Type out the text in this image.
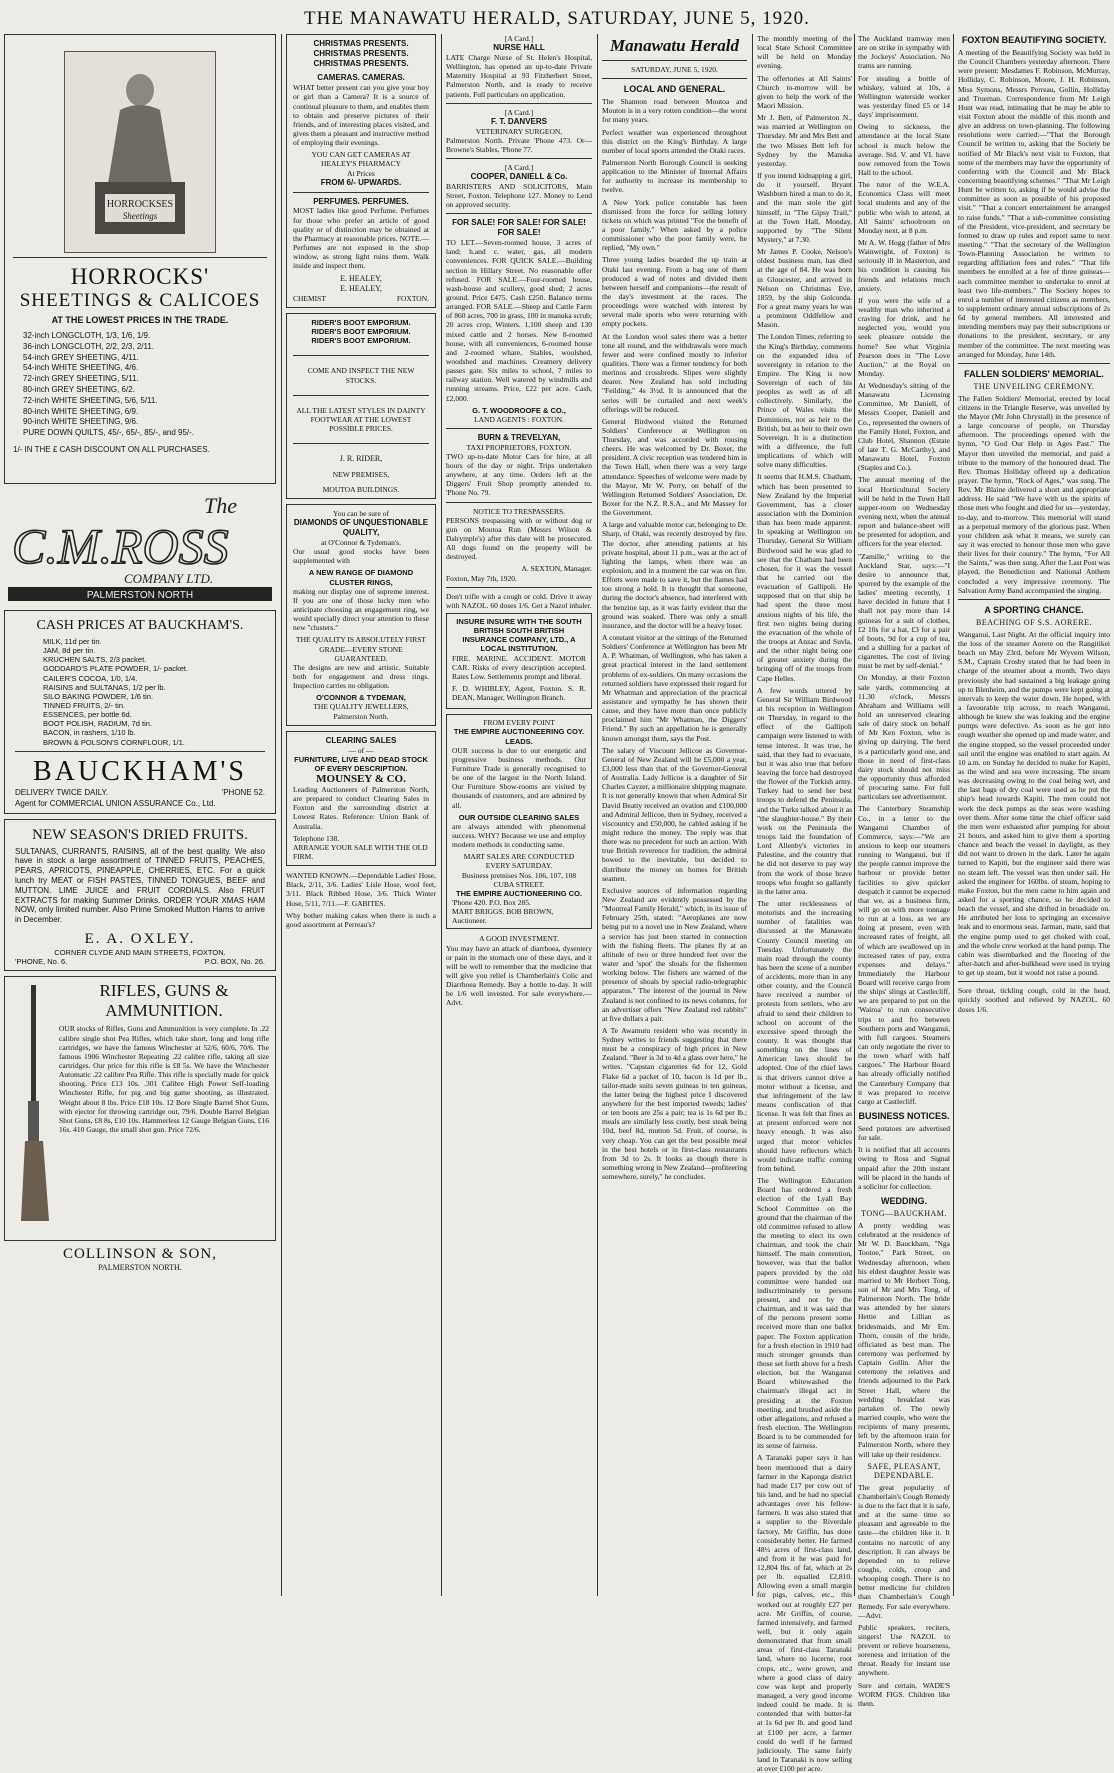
THE MANAWATU HERALD, SATURDAY, JUNE 5, 1920.
HORROCKSES
Sheetings
HORROCKS'
SHEETINGS & CALICOES
AT THE LOWEST PRICES IN THE TRADE.
32-inch LONGCLOTH, 1/3, 1/6, 1/9.
36-inch LONGCLOTH, 2/2, 2/3, 2/11.
54-inch GREY SHEETING, 4/11.
54-inch WHITE SHEETING, 4/6.
72-inch GREY SHEETING, 5/11.
80-inch GREY SHEETING, 6/2.
72-inch WHITE SHEETING, 5/6, 5/11.
80-inch WHITE SHEETING, 6/9.
90-inch WHITE SHEETING, 9/6.
PURE DOWN QUILTS, 45/-, 65/-, 85/-, and 95/-.
1/- IN THE £ CASH DISCOUNT ON ALL PURCHASES.
The
C.M.ROSS
COMPANY LTD.
PALMERSTON NORTH
CASH PRICES AT BAUCKHAM'S.
MILK, 11d per tin.
JAM, 8d per tin.
KRUCHEN SALTS, 2/3 packet.
GODDARD'S PLATE POWDER, 1/- packet.
CAILER'S COCOA, 1/0, 1/4.
RAISINS and SULTANAS, 1/2 per lb.
SILO BAKING POWDER, 1/6 tin.
TINNED FRUITS, 2/- tin.
ESSENCES, per bottle 6d.
BOOT POLISH, RADIUM, 7d tin.
BACON, in rashers, 1/10 lb.
BROWN & POLSON'S CORNFLOUR, 1/1.
BAUCKHAM'S
DELIVERY TWICE DAILY.	'PHONE 52.
Agent for COMMERCIAL UNION ASSURANCE Co., Ltd.
NEW SEASON'S DRIED FRUITS.

SULTANAS, CURRANTS, RAISINS, all of the best quality. We also have in stock a large assortment of TINNED FRUITS, PEACHES, PEARS, APRICOTS, PINEAPPLE, CHERRIES, ETC. For a quick lunch try MEAT or FISH PASTES, TINNED TONGUES, BEEF and MUTTON. LIME JUICE and FRUIT CORDIALS. Also FRUIT EXTRACTS for making Summer Drinks. ORDER YOUR XMAS HAM NOW, only limited number. Also Prime Smoked Mutton Hams to arrive in December.

E. A. OXLEY.
CORNER CLYDE AND MAIN STREETS, FOXTON.
'PHONE, No. 6.	P.O. BOX, No. 26.
RIFLES, GUNS & AMMUNITION.

OUR stocks of Rifles, Guns and Ammunition is very complete. In .22 calibre single shot Pea Rifles, which take short, long and long rifle cartridges, we have the famous Winchester at 52/6, 60/6, 70/6. The famous 1906 Winchester Repeating .22 calibre rifle, taking all size cartridges. Our price for this rifle is £8 5s. We have the Winchester Automatic .22 calibre Pea Rifle. This rifle is specially made for quick shooting. Price £13 10s. .301 Calibre High Power Self-loading Winchester Rifle, for pig and big game shooting, as illustrated. Weight about 8 lbs. Price £18 10s. 12 Bore Single Barrel Shot Guns, with ejector for throwing cartridge out, 79/6. Double Barrel Belgian Shot Guns, £8 8s, £10 10s. Hammerless 12 Gauge Belgian Guns, £16 16s. 410 Gauge, the small shot gun. Price 72/6.

COLLINSON & SON,
PALMERSTON NORTH.
CHRISTMAS PRESENTS.
CHRISTMAS PRESENTS.
CHRISTMAS PRESENTS.
CAMERAS. CAMERAS.

WHAT better present can you give your boy or girl than a Camera? It is a source of continual pleasure to them, and enables them to obtain and preserve pictures of their friends, and of interesting places visited, and gives them a pleasant and instructive method of employing their evenings.

YOU CAN GET CAMERAS AT HEALEY'S PHARMACY
At Prices
FROM 6/- UPWARDS.
PERFUMES. PERFUMES.

MOST ladies like good Perfume. Perfumes for those who prefer an article of good quality or of distinction may be obtained at the Pharmacy at reasonable prices. NOTE.—Perfumes are not exposed in the shop window, as strong light ruins them. Walk inside and inspect them.

E. HEALEY,
E. HEALEY,
CHEMIST	FOXTON.
RIDER'S BOOT EMPORIUM.
RIDER'S BOOT EMPORIUM.
RIDER'S BOOT EMPORIUM.
COME AND INSPECT THE NEW STOCKS.
ALL THE LATEST STYLES IN DAINTY FOOTWEAR AT THE LOWEST POSSIBLE PRICES.
J. R. RIDER,
NEW PREMISES,
MOUTOA BUILDINGS.
You can be sure of
DIAMONDS OF UNQUESTIONABLE QUALITY,
at O'Connor & Tydeman's.

Our usual good stocks have been supplemented with

A NEW RANGE OF DIAMOND CLUSTER RINGS,

making our display one of supreme interest. If you are one of those lucky men who anticipate choosing an engagement ring, we would specially direct your attention to these new "clusters."

THE QUALITY IS ABSOLUTELY FIRST GRADE—EVERY STONE GUARANTEED.

The designs are new and artistic. Suitable both for engagement and dress rings. Inspection carries no obligation.

O'CONNOR & TYDEMAN,
THE QUALITY JEWELLERS,
Palmerston North.
CLEARING SALES
— of —
FURNITURE, LIVE AND DEAD STOCK OF EVERY DESCRIPTION.
MOUNSEY & CO.

Leading Auctioneers of Palmerston North, are prepared to conduct Clearing Sales in Foxton and the surrounding district at Lowest Rates. Reference: Union Bank of Australia.

Telephone 138.
ARRANGE YOUR SALE WITH THE OLD FIRM.

WANTED KNOWN.—Dependable Ladies' Hose, Black, 2/11, 3/6. Ladies' Lisle Hose, wool feet, 3/11. Black Ribbed Hose, 3/6. Thick Winter Hose, 5/11, 7/11.—F. GABITES.

Why bother making cakes when there is such a good assortment at Perreau's?

[A Card.]
NURSE HALL

LATE Charge Nurse of St. Helen's Hospital, Wellington, has opened an up-to-date Private Maternity Hospital at 93 Fitzherbert Street, Palmerston North, and is ready to receive patients. Full particulars on application.

[A Card.]
F. T. DANVERS
VETERINARY SURGEON,

Palmerston North. Private 'Phone 473. Or—Browne's Stables, 'Phone 77.

[A Card.]
COOPER, DANIELL & Co.

BARRISTERS AND SOLICITORS, Main Street, Foxton. Telephone 127. Money to Lend on approved security.

FOR SALE! FOR SALE! FOR SALE! FOR SALE!

TO LET.—Seven-roomed house, 3 acres of land; h.and c. water, gas, all modern conveniences. FOR QUICK SALE.—Building section in Hillary Street. No reasonable offer refused. FOR SALE.—Four-roomed house, wash-house and scullery, good shed; 2 acres ground. Price £475. Cash £250. Balance terms arranged. FOR SALE.—Sheep and Cattle Farm of 860 acres, 700 in grass, 100 in manuka scrub; 20 acres crop, Winters. 1,100 sheep and 130 mixed cattle and 2 horses. New 8-roomed house, with all conveniences, 6-roomed house and 2-roomed whare, Stables, woolshed, woodshed and machines. Creamery delivery passes gate. Six miles to school, 7 miles to railway station. Well watered by windmills and running streams. Price, £22 per acre. Cash, £2,000.

G. T. WOODROOFE & CO.,
LAND AGENTS : FOXTON.
BURN & TREVELYAN,
TAXI PROPRIETORS, FOXTON.

TWO up-to-date Motor Cars for hire, at all hours of the day or night. Trips undertaken anywhere, at any time. Orders left at the Diggers' Fruit Shop promptly attended to. 'Phone No. 79.

NOTICE TO TRESPASSERS.

PERSONS trespassing with or without dog or gun on Moutoa Run (Messrs Wilson & Dalrymple's) after this date will be prosecuted. All dogs found on the property will be destroyed.

A. SEXTON, Manager.
Foxton, May 7th, 1920.

Don't trifle with a cough or cold. Drive it away with NAZOL. 60 doses 1/6. Get a Nazol inhaler.

INSURE INSURE WITH THE SOUTH BRITISH SOUTH BRITISH INSURANCE COMPANY, LTD., A LOCAL INSTITUTION.

FIRE. MARINE. ACCIDENT. MOTOR CAR. Risks of every description accepted. Rates Low. Settlements prompt and liberal.

F. D. WHIBLEY, Agent, Foxton. S. R. DEAN, Manager, Wellington Branch.

FROM EVERY POINT
THE EMPIRE AUCTIONEERING COY. LEADS.

OUR success is due to our energetic and progressive business methods. Our Furniture Trade is generally recognised to be one of the largest in the North Island. Our Furniture Show-rooms are visited by thousands of customers, and are admired by all.

OUR OUTSIDE CLEARING SALES

are always attended with phenomenal success. WHY? Because we use and employ modern methods in conducting same.

MART SALES ARE CONDUCTED EVERY SATURDAY.
Business premises Nos. 106, 107, 108 CUBA STREET.
THE EMPIRE AUCTIONEERING CO.
'Phone 420. P.O. Box 285.
MART BRIGGS. BOB BROWN, Auctioneer.
A GOOD INVESTMENT.

You may have an attack of diarrhoea, dysentery or pain in the stomach one of these days, and it will be well to remember that the medicine that will give you relief is Chamberlain's Colic and Diarrhoea Remedy. Buy a bottle to-day. It will be 1/6 well invested. For sale everywhere.—Advt.

Manawatu Herald
SATURDAY, JUNE 5, 1920.
LOCAL AND GENERAL.

The Shannon road between Moutoa and Mouton is in a very rotten condition—the worst for many years.

Perfect weather was experienced throughout this district on the King's Birthday. A large number of local sports attended the Otaki races.

Palmerston North Borough Council is seeking application to the Minister of Internal Affairs for authority to increase its membership to twelve.

A New York police constable has been dismissed from the force for selling lottery tickets on which was printed "For the benefit of a poor family." When asked by a police commissioner who the poor family were, he replied, "My own."

Three young ladies boarded the up train at Otaki last evening. From a bag one of them produced a wad of notes and divided them between herself and companions—the result of the day's investment at the races. The proceedings were watched with interest by several male sports who were returning with empty pockets.

At the London wool sales there was a better tone all round, and the withdrawals were much fewer and were confined mostly to inferior qualities. There was a firmer tendency for both merinos and crossbreds. Slipes were slightly dearer. New Zealand has sold including "Feilding," 4s 3½d. It is announced that the series will be curtailed and next week's offerings will be reduced.

General Birdwood visited the Returned Soldiers' Conference at Wellington on Thursday, and was accorded with rousing cheers. He was welcomed by Dr. Boxer, the president. A civic reception was tendered him in the Town Hall, when there was a very large attendance. Speeches of welcome were made by the Mayor, Mr W. Perry, on behalf of the Wellington Returned Soldiers' Association, Dr. Boxer for the N.Z. R.S.A., and Mr Massey for the Government.

A large and valuable motor car, belonging to Dr. Sharp, of Otaki, was recently destroyed by fire. The doctor, after attending patients at his private hospital, about 11 p.m., was at the act of lighting the lamps, when there was an explosion, and in a moment the car was on fire. Efforts were made to save it, but the flames had too strong a hold. It is thought that someone, during the doctor's absence, had interfered with the benzine tap, as it was fairly evident that the ground was soaked. There was only a small insurance, and the doctor will be a heavy loser.

A constant visitor at the sittings of the Returned Soldiers' Conference at Wellington has been Mr A. P. Whatman, of Wellington, who has taken a great practical interest in the land settlement problems of ex-soldiers. On many occasions the returned soldiers have expressed their regard for Mr Whatman and appreciation of the practical assistance and sympathy he has shown their cause, and they have more than once publicly proclaimed him "Mr Whatman, the Diggers' Friend." By such an appellation he is generally known amongst them, says the Post.

The salary of Viscount Jellicoe as Governor-General of New Zealand will be £5,000 a year, £3,000 less than that of the Governor-General of Australia. Lady Jellicoe is a daughter of Sir Charles Cayzer, a millionaire shipping magnate. It is not generally known that when Admiral Sir David Beatty received an ovation and £100,000 and Admiral Jellicoe, then in Sydney, received a viscountcy and £50,000, he cabled asking if he might reduce the money. The reply was that there was no precedent for such an action. With true British reverence for tradition, the admiral bowed to the inevitable, but decided to distribute the money on homes for British seamen.

Exclusive sources of information regarding New Zealand are evidently possessed by the "Montreal Family Herald," which, in its issue of February 25th, stated: "Aeroplanes are now being put to a novel use in New Zealand, where a service has just been started in connection with the fishing fleets. The planes fly at an altitude of two or three hundred feet over the water and 'spot' the shoals for the fishermen working below. The fishers are warned of the presence of shoals by special radio-telegraphic apparatus." The interest of the journal in New Zealand is not confined to its news columns, for an advertiser offers "New Zealand red rabbits" at five dollars a pair.

A Te Awamutu resident who was recently in Sydney writes to friends suggesting that there must be a conspiracy of high prices in New Zealand. "Beer is 3d to 4d a glass over here," he writes. "Capstan cigarettes 6d for 12, Gold Flake 6d a packet of 10, bacon is 1d per lb., tailor-made suits seven guineas to ten guineas, the latter being the highest price I discovered anywhere for the best imported tweeds; ladies' or ten boots are 25s a pair; tea is 1s 6d per lb.; meals are similarly less costly, best steak being 10d, beef 8d, mutton 5d. Fruit, of course, is very cheap. You can get the best possible meal in the best hotels or in first-class restaurants from 3d to 2s. It looks as though there is something wrong in New Zealand—profiteering somewhere, surely," he concludes.

The monthly meeting of the local State School Committee will be held on Monday evening.

The offertories at All Saints' Church to-morrow will be given to help the work of the Maori Mission.

Mr J. Bett, of Palmerston N., was married at Wellington on Thursday. Mr and Mrs Bett and the two Misses Bett left for Sydney by the Manuka yesterday.

If you intend kidnapping a girl, do it yourself. Bryant Washburn hired a man to do it, and the man stole the girl himself, in "The Gipsy Trail," at the Town Hall, Monday, supported by "The Silent Mystery," at 7.30.

Mr James P. Cooke, Nelson's oldest business man, has died at the age of 84. He was born in Gloucester, and arrived in Nelson on Christmas Eve, 1859, by the ship Golconda. For a great many years he was a prominent Oddfellow and Mason.

The London Times, referring to the King's Birthday, comments on the expanded idea of sovereignty in relation to the Empire. The King is now Sovereign of each of his peoples as well as of all collectively. Similarly, the Prince of Wales visits the Dominions, not as heir to the British, but as heir to their own Sovereign. It is a distinction with a difference, the full implications of which will solve many difficulties.

It seems that H.M.S. Chatham, which has been presented to New Zealand by the Imperial Government, has a closer association with the Dominion than has been made apparent. In speaking at Wellington on Thursday, General Sir William Birdwood said he was glad to see that the Chatham had been chosen, for it was the vessel that he carried out the evacuation of Gallipoli. He supposed that on that ship he had spent the three most anxious nights of his life, the first two nights being during the evacuation of the whole of the troops at Anzac and Suvla, and the other night being one of greater anxiety during the bringing off of the troops from Cape Helles.

A few words uttered by General Sir William Birdwood at his reception in Wellington on Thursday, in regard to the effect of the Gallipoli campaign were listened to with tense interest. It was true, he said, that they had to evacuate, but it was also true that before leaving the force had destroyed the flower of the Turkish army. Turkey had to send her best troops to defend the Peninsula, and the Turks talked about it as "the slaughter-house." By their work on the Peninsula the troops laid the foundation of Lord Allenby's victories in Palestine, and the country that he did not deserve to pay way from the work of those brave troops who fought so gallantly in the latter area.

The utter recklessness of motorists and the increasing number of fatalities was discussed at the Manawatu County Council meeting on Tuesday. Unfortunately the main road through the county has been the scene of a number of accidents, more than in any other county, and the Council have received a number of protests from settlers, who are afraid to send their children to school on account of the excessive speed through the county. It was thought that something on the lines of American laws should be adopted. One of the chief laws is that drivers cannot drive a motor without a license, and that infringement of the law means confiscation of that license. It was felt that fines as at present enforced were not heavy enough. It was also urged that motor vehicles should have reflectors which would indicate traffic coming from behind.

The Wellington Education Board has ordered a fresh election of the Lyall Bay School Committee on the ground that the chairman of the old committee refused to allow the meeting to elect its own chairman, and took the chair himself. The main contention, however, was that the ballot papers provided by the old committee were handed out indiscriminately to persons present, and not by the chairman, and it was said that of the persons present some received more than one ballot paper. The Foxton application for a fresh election in 1910 had much stronger grounds than those set forth above for a fresh election, but the Wanganui Board whitewashed the chairman's illegal act in presiding at the Foxton meeting, and brushed aside the other allegations, and refused a fresh election. The Wellington Board is to be commended for its sense of fairness.

A Taranaki paper says it has been mentioned that a dairy farmer in the Kaponga district had made £17 per cow out of his land, and he had no special advantages over his fellow-farmers. It was also stated that a supplier to the Riverdale factory, Mr Griffin, has done considerably better. He farmed 48¼ acres of first-class land, and from it he was paid for 12,804 lbs. of fat, which at 2s per lb. equalled £2,810. Allowing even a small margin for pigs, calves, etc., this worked out at roughly £27 per acre. Mr Griffin, of course, farmed intensively, and farmed well, but it only again demonstrated that from small areas of first-class Taranaki land, where no lucerne, root crops, etc., were grown, and where a good class of dairy cow was kept and properly managed, a very good income indeed could be made. It is contended that with butter-fat at 1s 6d per lb. and good land at £100 per acre, a farmer could do well if he farmed judiciously. The same fairly land in Taranaki is now selling at over £100 per acre.

FOXTON BEAUTIFYING SOCIETY.

A meeting of the Beautifying Society was held in the Council Chambers yesterday afternoon. There were present: Mesdames F. Robinson, McMurray, Holliday, C. Robinson, Moore, J. H. Robinson, Miss Symons, Messrs Perreau, Gollin, Holliday and Trueman. Correspondence from Mr Leigh Hunt was read, intimating that he may be able to visit Foxton about the middle of this month and give an address on town-planning. The following resolutions were carried:—"That the Borough Council be written to, asking that the Society be notified of Mr Black's next visit to Foxton, that some of the members may have the opportunity of conferring with the Council and Mr Black concerning beautifying schemes." "That Mr Leigh Hunt be written to, asking if he would advise the committee as soon as possible of his proposed visit." "That a concert entertainment be arranged to raise funds." "That a sub-committee consisting of the President, vice-president, and secretary be formed to draw up rules and report same to next meeting." "That the secretary of the Wellington Town-Planning Association be written to regarding affiliation fees and rules." "That life members be enrolled at a fee of three guineas—each committee member to undertake to enrol at least two life-members." The Society hopes to enrol a number of interested citizens as members, to supplement ordinary annual subscriptions of 2s 6d by general members. All interested and intending members may pay their subscriptions or donations to the president, secretary, or any member of the committee. The next meeting was arranged for Monday, June 14th.

FALLEN SOLDIERS' MEMORIAL.
THE UNVEILING CEREMONY.

The Fallen Soldiers' Memorial, erected by local citizens in the Triangle Reserve, was unveiled by the Mayor (Mr John Chrystall) in the presence of a large concourse of people, on Thursday afternoon. The proceedings opened with the hymn, "O God Our Help in Ages Past." The Mayor then unveiled the memorial, and paid a tribute to the memory of the honoured dead. The Rev. Thomas Holliday offered up a dedication prayer. The hymn, "Rock of Ages," was sung. The Rev. Mr Blaine delivered a short and appropriate address. He said "We have with us the spirits of those men who fought and died for us—yesterday, to-day, and to-morrow. This memorial will stand as a perpetual memory of the glorious past. When your children ask what it means, we surely can say it was erected to honour those men who gave their lives for their country." The hymn, "For All the Saints," was then sung. After the Last Post was played, the Benediction and National Anthem concluded a very impressive ceremony. The Salvation Army Band accompanied the singing.

A SPORTING CHANCE.
BEACHING OF S.S. AORERE.

Wanganui, Last Night. At the official inquiry into the loss of the steamer Aorere on the Rangitikei beach on May 23rd, before Mr Wyvern Wilson, S.M., Captain Crosby stated that he had been in charge of the steamer about a month. Two days previously she had sustained a big leakage going up to Blenheim, and the pumps were kept going at intervals to keep the water down. He hoped, with a favourable trip across, to reach Wanganui, although he knew she was leaking and the engine pumps were defective. As soon as he got into rough weather she opened up and made water, and the engine stopped, so the vessel proceeded under sail until the engine was enabled to start again. At 10 a.m. on Sunday he decided to make for Kapiti, as the wind and sea were increasing. The steam was decreasing owing to the coal being wet, and the last bags of dry coal were used as he put the ship's head towards Kapiti. The men could not work the deck pumps as the seas were washing over them. After some time the chief officer said the men were exhausted after pumping for about 21 hours, and asked him to give them a sporting chance and beach the vessel in daylight, as they did not want to drown in the dark. Later he again turned to Kapiti, but the engineer said there was no steam left. The vessel was then under sail. He asked the engineer for 160lbs. of steam, hoping to make Foxton, but the men came to him again and asked for a sporting chance, so he decided to beach the vessel, and she drifted in broadside on. He attributed her loss to springing an excessive leak and to enormous seas. Jarman, mate, said that the engine pump used to get choked with coal, and the whole crew worked at the hand pump. The cabin was disembarked and the flooring of the after-hatch and after-bulkhead were used in trying to get up steam, but it would not raise a pound.

Sore throat, tickling cough, cold in the head, quickly soothed and relieved by NAZOL. 60 doses 1/6.

The Auckland tramway men are on strike in sympathy with the Jockeys' Association. No trams are running.

For stealing a bottle of whiskey, valued at 10s, a Wellington waterside worker was yesterday fined £5 or 14 days' imprisonment.

Owing to sickness, the attendance at the local State school is much below the average. Std. V. and VI. have now removed from the Town Hall to the school.

The tutor of the W.E.A. Economics Class will meet local students and any of the public who wish to attend, at All Saints' schoolroom on Monday next, at 8 p.m.

Mr A. W. Hogg (father of Mrs Wainwright, of Foxton) is seriously ill in Masterton, and his condition is causing his friends and relations much anxiety.

If you were the wife of a wealthy man who inherited a craving for drink, and he neglected you, would you seek pleasure outside the home? See what Virginia Pearson does in "The Love Auction," at the Royal on Monday.

At Wednesday's sitting of the Manawatu Licensing Committee, Mr Daniell, of Messrs Cooper, Daniell and Co., represented the owners of the Family Hotel, Foxton, and Club Hotel, Shannon (Estate of late T. G. McCarthy), and Manawatu Hotel, Foxton (Staples and Co.).

The annual meeting of the local Horticultural Society will be held in the Town Hall supper-room on Wednesday evening next, when the annual report and balance-sheet will be presented for adoption, and officers for the year elected.

"Zamille," writing to the Auckland Star, says:—"I desire to announce that, spurred by the example of the ladies' meeting recently, I have decided in future that I shall not pay more than 14 guineas for a suit of clothes, £2 10s for a hat, £3 for a pair of boots, 9d for a cup of tea, and a shilling for a packet of cigarettes. The cost of living must be met by self-denial."

On Monday, at their Foxton sale yards, commencing at 11.30 o'clock, Messrs Abraham and Williams will hold an unreserved clearing sale of dairy stock on behalf of Mr Ken Foxton, who is giving up dairying. The herd is a particularly good one, and those in need of first-class dairy stock should not miss the opportunity thus afforded of procuring same. For full particulars see advertisement.

The Canterbury Steamship Co., in a letter to the Wanganui Chamber of Commerce, says:—"We are anxious to keep our steamers running to Wanganui, but if the people cannot improve the harbour or provide better facilities to give quicker despatch it cannot be expected that we, as a business firm, will go on with more tonnage to run at a loss, as we are doing at present, even with increased rates of freight, all of which are swallowed up in increased rates of pay, extra expenses and delays." Immediately the Harbour Board will receive cargo from the ships' slings at Castlecliff, we are prepared to put on the 'Wairoa' to run consecutive trips to and fro between Southern ports and Wanganui, with full cargoes. Steamers can only negotiate the river to the town wharf with half cargoes." The Harbour Board has already officially notified the Canterbury Company that it was prepared to receive cargo at Castlecliff.

BUSINESS NOTICES.

Seed potatoes are advertised for sale.

It is notified that all accounts owing to Ross and Signal unpaid after the 20th instant will be placed in the hands of a solicitor for collection.

WEDDING.
TONG—BAUCKHAM.

A pretty wedding was celebrated at the residence of Mr W. D. Bauckham, "Nga Tootoe," Park Street, on Wednesday afternoon, when his eldest daughter Jessie was married to Mr Herbert Tong, son of Mr and Mrs Tong, of Palmerston North. The bride was attended by her sisters Hettie and Lillian as bridesmaids, and Mr Em. Thorn, cousin of the bride, officiated as best man. The ceremony was performed by Captain Gollin. After the ceremony the relatives and friends adjourned to the Park Street Hall, where the wedding breakfast was partaken of. The newly married couple, who were the recipients of many presents, left by the afternoon train for Palmerston North, where they will take up their residence.

SAFE, PLEASANT, DEPENDABLE.

The great popularity of Chamberlain's Cough Remedy is due to the fact that it is safe, and at the same time so pleasant and agreeable to the taste—the children like it. It contains no narcotic of any description. It can always be depended on to relieve coughs, colds, croup and whooping cough. There is no better medicine for children than Chamberlain's Cough Remedy. For sale everywhere.—Advt.

Public speakers, reciters, singers! Use NAZOL to prevent or relieve hoarseness, soreness and irritation of the throat. Ready for instant use anywhere.

Sure and certain, WADE'S WORM FIGS. Children like them.
